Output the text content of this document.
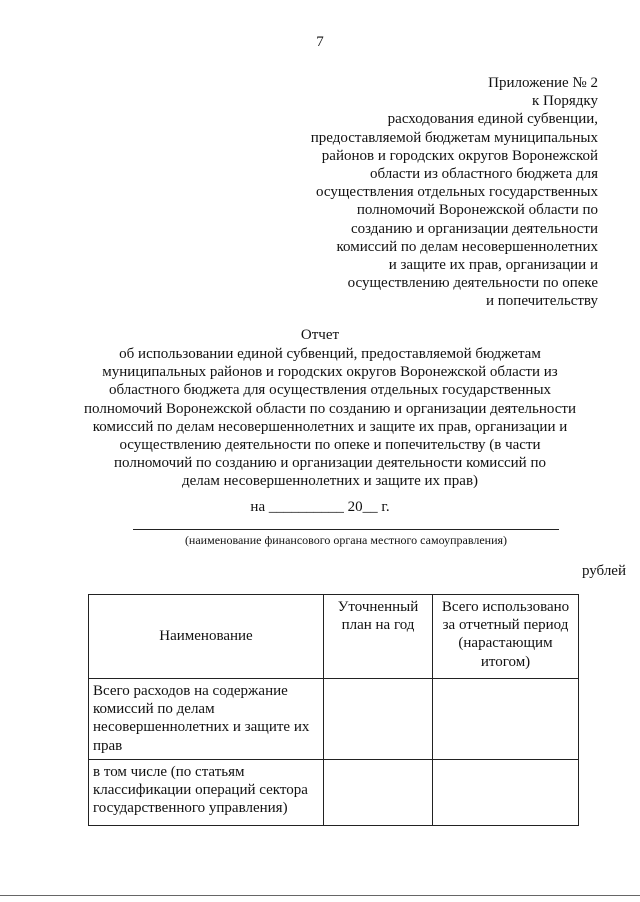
7
Приложение № 2
к Порядку
расходования единой субвенции,
предоставляемой бюджетам муниципальных
районов и городских округов Воронежской
области из областного бюджета для
осуществления отдельных государственных
полномочий Воронежской области по
созданию и организации деятельности
комиссий по делам несовершеннолетних
и защите их прав, организации и
осуществлению деятельности по опеке
и попечительству
Отчет
об использовании единой субвенций, предоставляемой бюджетам
муниципальных районов и городских округов Воронежской области из
областного бюджета для осуществления отдельных государственных
полномочий Воронежской области по созданию и организации деятельности
комиссий по делам несовершеннолетних и защите их прав, организации и
осуществлению деятельности по опеке и попечительству (в части
полномочий по созданию и организации деятельности комиссий по
делам несовершеннолетних и защите их прав)
на __________ 20__ г.
(наименование финансового органа местного самоуправления)
рублей
Наименование	Уточненный план на год	Всего использовано за отчетный период (нарастающим итогом)
Всего расходов на содержание комиссий по делам несовершеннолетних и защите их прав		
в том числе (по статьям классификации операций сектора государственного управления)		
